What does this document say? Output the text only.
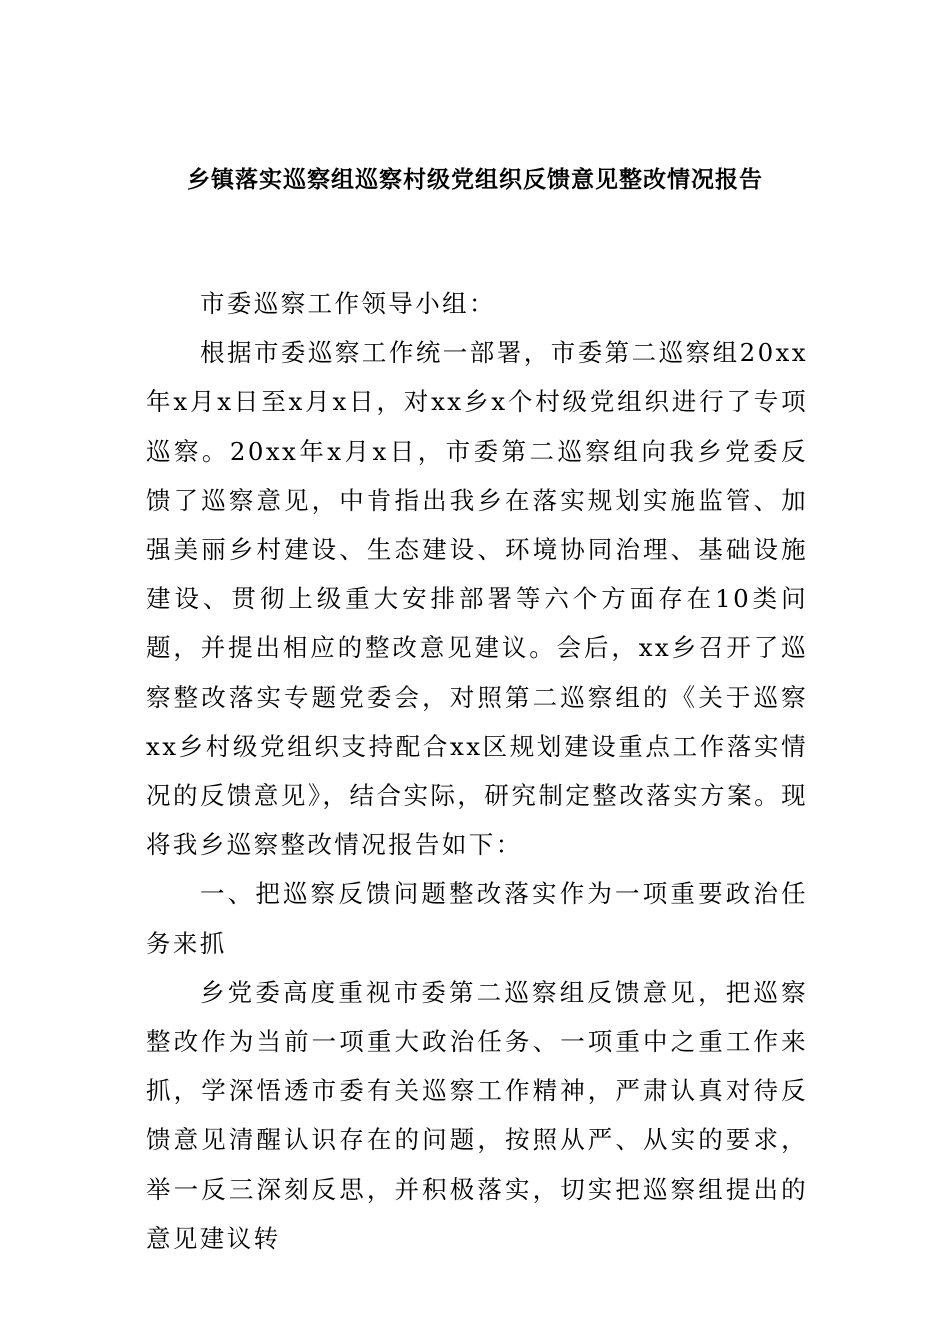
乡镇落实巡察组巡察村级党组织反馈意见整改情况报告

市委巡察工作领导小组：

根据市委巡察工作统一部署，市委第二巡察组20xx年x月x日至x月x日，对xx乡x个村级党组织进行了专项巡察。20xx年x月x日，市委第二巡察组向我乡党委反馈了巡察意见，中肯指出我乡在落实规划实施监管、加强美丽乡村建设、生态建设、环境协同治理、基础设施建设、贯彻上级重大安排部署等六个方面存在10类问题，并提出相应的整改意见建议。会后，xx乡召开了巡察整改落实专题党委会，对照第二巡察组的《关于巡察xx乡村级党组织支持配合xx区规划建设重点工作落实情况的反馈意见》，结合实际，研究制定整改落实方案。现将我乡巡察整改情况报告如下：

一、把巡察反馈问题整改落实作为一项重要政治任务来抓

乡党委高度重视市委第二巡察组反馈意见，把巡察整改作为当前一项重大政治任务、一项重中之重工作来抓，学深悟透市委有关巡察工作精神，严肃认真对待反馈意见清醒认识存在的问题，按照从严、从实的要求，举一反三深刻反思，并积极落实，切实把巡察组提出的意见建议转
